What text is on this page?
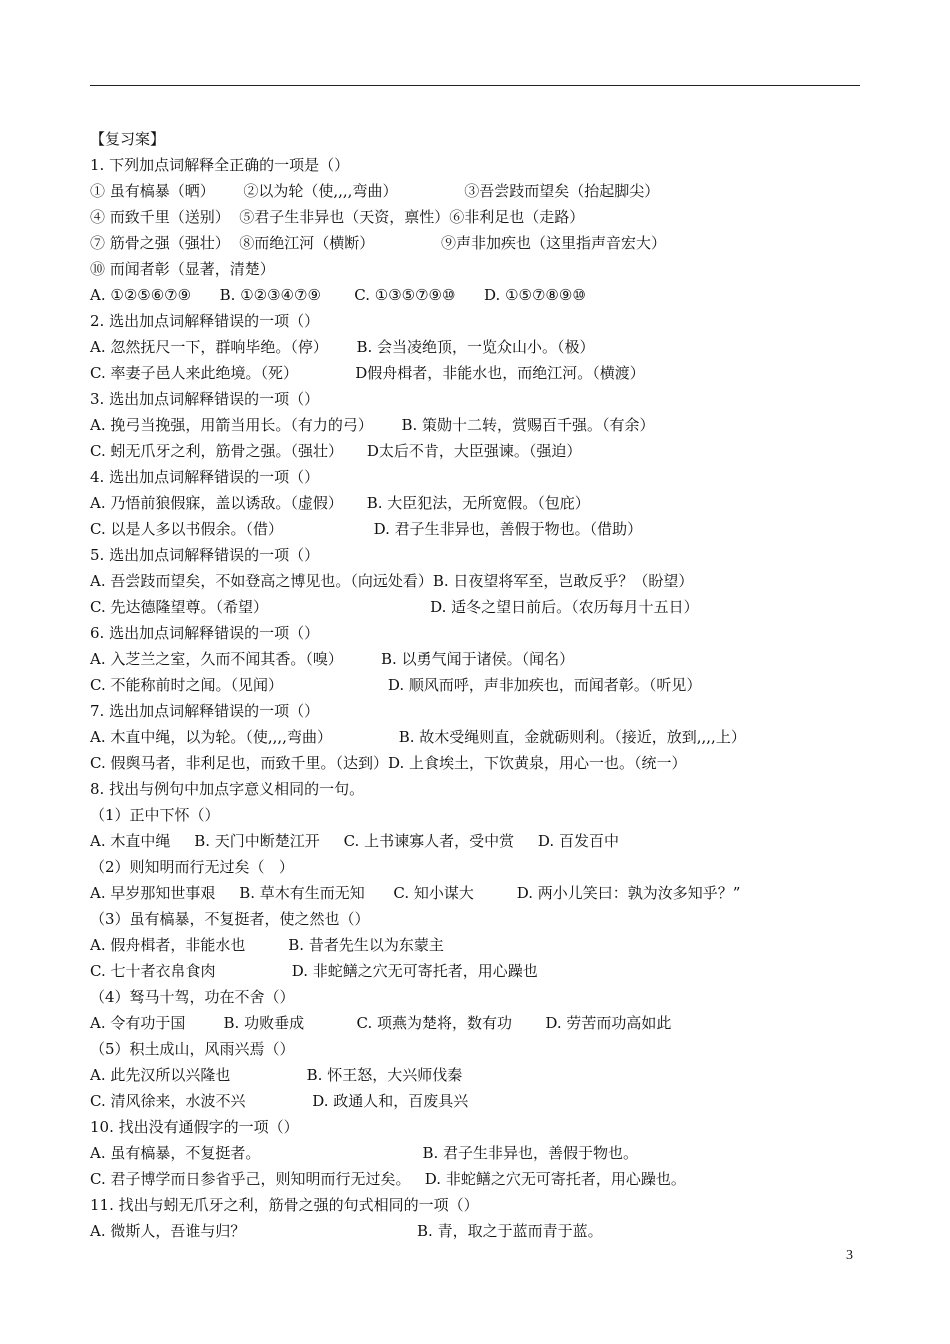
【复习案】
1. 下列加点词解释全正确的一项是（）
① 虽有槁暴（晒）      ②以为轮（使,,,,弯曲）              ③吾尝跂而望矣（抬起脚尖）
④ 而致千里（送别）  ⑤君子生非异也（天资，禀性）⑥非利足也（走路）
⑦ 筋骨之强（强壮）  ⑧而绝江河（横断）              ⑨声非加疾也（这里指声音宏大）
⑩ 而闻者彰（显著，清楚）
A. ①②⑤⑥⑦⑨      B. ①②③④⑦⑨       C. ①③⑤⑦⑨⑩      D. ①⑤⑦⑧⑨⑩
2. 选出加点词解释错误的一项（）
A. 忽然抚尺一下，群响毕绝。（停）      B. 会当凌绝顶，一览众山小。（极）
C. 率妻子邑人来此绝境。（死）            D假舟楫者，非能水也，而绝江河。（横渡）
3. 选出加点词解释错误的一项（）
A. 挽弓当挽强，用箭当用长。（有力的弓）      B. 策勋十二转，赏赐百千强。（有余）
C. 蚓无爪牙之利，筋骨之强。（强壮）     D太后不肯，大臣强谏。（强迫）
4. 选出加点词解释错误的一项（）
A. 乃悟前狼假寐，盖以诱敌。（虚假）     B. 大臣犯法，无所宽假。（包庇）
C. 以是人多以书假余。（借）                   D. 君子生非异也，善假于物也。（借助）
5. 选出加点词解释错误的一项（）
A. 吾尝跂而望矣，不如登高之博见也。（向远处看）B. 日夜望将军至，岂敢反乎？（盼望）
C. 先达德隆望尊。（希望）                                  D. 适冬之望日前后。（农历每月十五日）
6. 选出加点词解释错误的一项（）
A. 入芝兰之室，久而不闻其香。（嗅）        B. 以勇气闻于诸侯。（闻名）
C. 不能称前时之闻。（见闻）                      D. 顺风而呼，声非加疾也，而闻者彰。（听见）
7. 选出加点词解释错误的一项（）
A. 木直中绳，以为轮。（使,,,,弯曲）              B. 故木受绳则直，金就砺则利。（接近，放到,,,,上）
C. 假舆马者，非利足也，而致千里。（达到）D. 上食埃土，下饮黄泉，用心一也。（统一）
8. 找出与例句中加点字意义相同的一句。
（1）正中下怀（）
A. 木直中绳     B. 天门中断楚江开     C. 上书谏寡人者，受中赏     D. 百发百中
（2）则知明而行无过矣（   ）
A. 早岁那知世事艰     B. 草木有生而无知      C. 知小谋大         D. 两小儿笑曰：孰为汝多知乎？”
（3）虽有槁暴，不复挺者，使之然也（）
A. 假舟楫者，非能水也         B. 昔者先生以为东蒙主
C. 七十者衣帛食肉                D. 非蛇鳝之穴无可寄托者，用心躁也
（4）驽马十驾，功在不舍（）
A. 令有功于国        B. 功败垂成           C. 项燕为楚将，数有功       D. 劳苦而功高如此
（5）积土成山，风雨兴焉（）
A. 此先汉所以兴隆也                B. 怀王怒，大兴师伐秦
C. 清风徐来，水波不兴              D. 政通人和，百废具兴
10. 找出没有通假字的一项（）
A. 虽有槁暴，不复挺者。                                  B. 君子生非异也，善假于物也。
C. 君子博学而日参省乎己，则知明而行无过矣。   D. 非蛇鳝之穴无可寄托者，用心躁也。
11. 找出与蚓无爪牙之利，筋骨之强的句式相同的一项（）
A. 微斯人，吾谁与归？                                    B. 青，取之于蓝而青于蓝。
3
